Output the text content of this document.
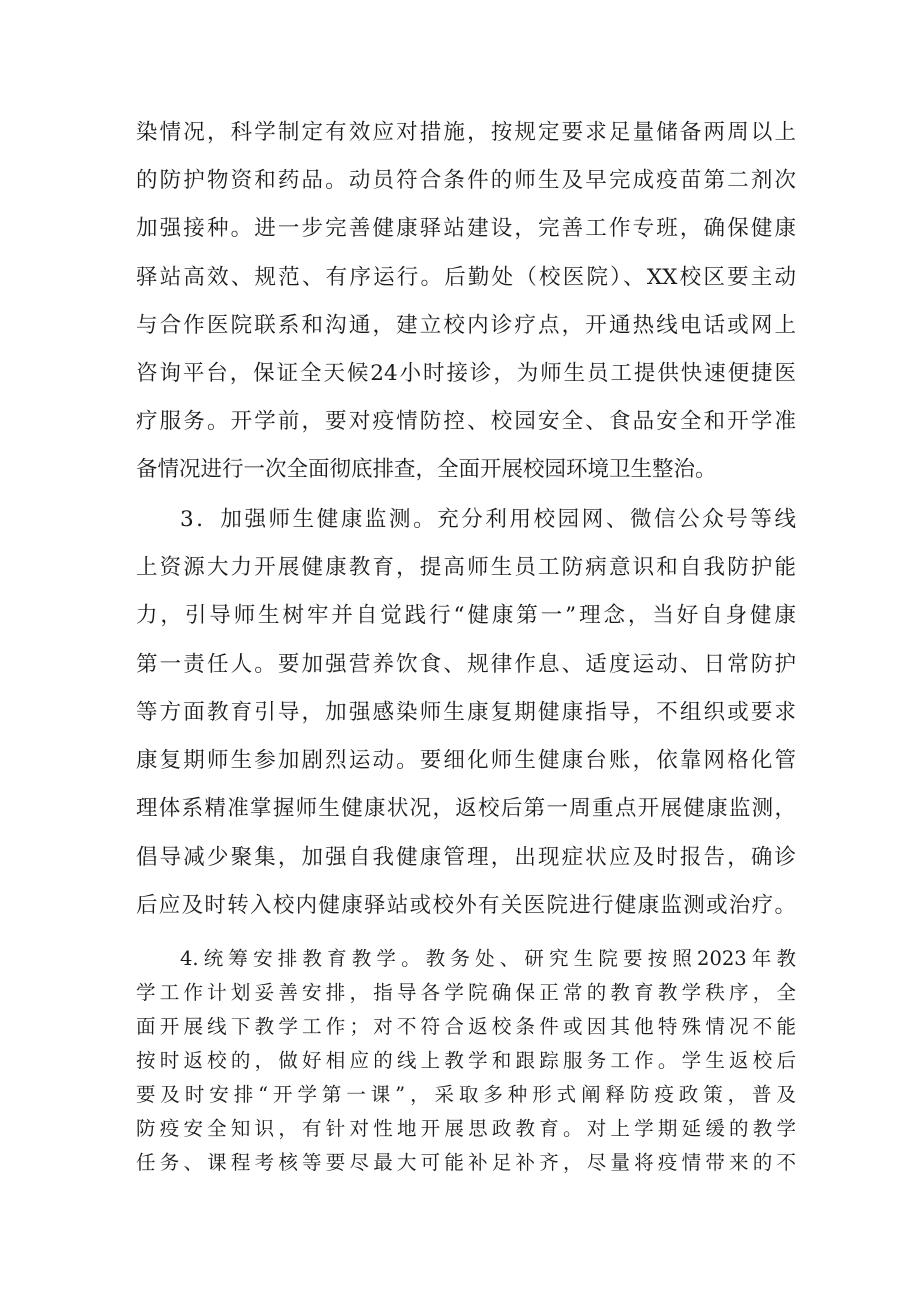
染情况，科学制定有效应对措施，按规定要求足量储备两周以上
的防护物资和药品。动员符合条件的师生及早完成疫苗第二剂次
加强接种。进一步完善健康驿站建设，完善工作专班，确保健康
驿站高效、规范、有序运行。后勤处（校医院）、XX校区要主动
与合作医院联系和沟通，建立校内诊疗点，开通热线电话或网上
咨询平台，保证全天候24小时接诊，为师生员工提供快速便捷医
疗服务。开学前，要对疫情防控、校园安全、食品安全和开学准
备情况进行一次全面彻底排查，全面开展校园环境卫生整治。
3．加强师生健康监测。充分利用校园网、微信公众号等线
上资源大力开展健康教育，提高师生员工防病意识和自我防护能
力，引导师生树牢并自觉践行“健康第一”理念，当好自身健康
第一责任人。要加强营养饮食、规律作息、适度运动、日常防护
等方面教育引导，加强感染师生康复期健康指导，不组织或要求
康复期师生参加剧烈运动。要细化师生健康台账，依靠网格化管
理体系精准掌握师生健康状况，返校后第一周重点开展健康监测，
倡导减少聚集，加强自我健康管理，出现症状应及时报告，确诊
后应及时转入校内健康驿站或校外有关医院进行健康监测或治疗。
4.统筹安排教育教学。教务处、研究生院要按照2023年教
学工作计划妥善安排，指导各学院确保正常的教育教学秩序，全
面开展线下教学工作；对不符合返校条件或因其他特殊情况不能
按时返校的，做好相应的线上教学和跟踪服务工作。学生返校后
要及时安排“开学第一课”，采取多种形式阐释防疫政策，普及
防疫安全知识，有针对性地开展思政教育。对上学期延缓的教学
任务、课程考核等要尽最大可能补足补齐，尽量将疫情带来的不
